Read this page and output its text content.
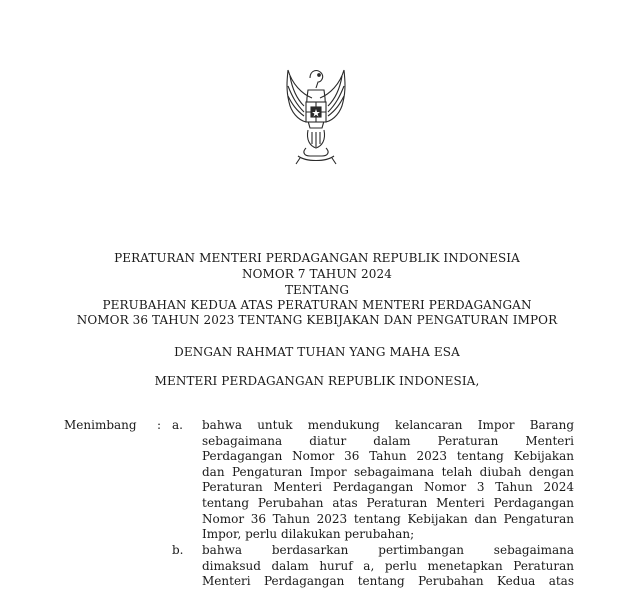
PERATURAN MENTERI PERDAGANGAN REPUBLIK INDONESIA
NOMOR 7 TAHUN 2024
TENTANG
PERUBAHAN KEDUA ATAS PERATURAN MENTERI PERDAGANGAN
NOMOR 36 TAHUN 2023 TENTANG KEBIJAKAN DAN PENGATURAN IMPOR
DENGAN RAHMAT TUHAN YANG MAHA ESA
MENTERI PERDAGANGAN REPUBLIK INDONESIA,
Menimbang : a. bahwa untuk mendukung kelancaran Impor Barang
sebagaimana diatur dalam Peraturan Menteri
Perdagangan Nomor 36 Tahun 2023 tentang Kebijakan
dan Pengaturan Impor sebagaimana telah diubah dengan
Peraturan Menteri Perdagangan Nomor 3 Tahun 2024
tentang Perubahan atas Peraturan Menteri Perdagangan
Nomor 36 Tahun 2023 tentang Kebijakan dan Pengaturan
Impor, perlu dilakukan perubahan;
b. bahwa berdasarkan pertimbangan sebagaimana
dimaksud dalam huruf a, perlu menetapkan Peraturan
Menteri Perdagangan tentang Perubahan Kedua atas
